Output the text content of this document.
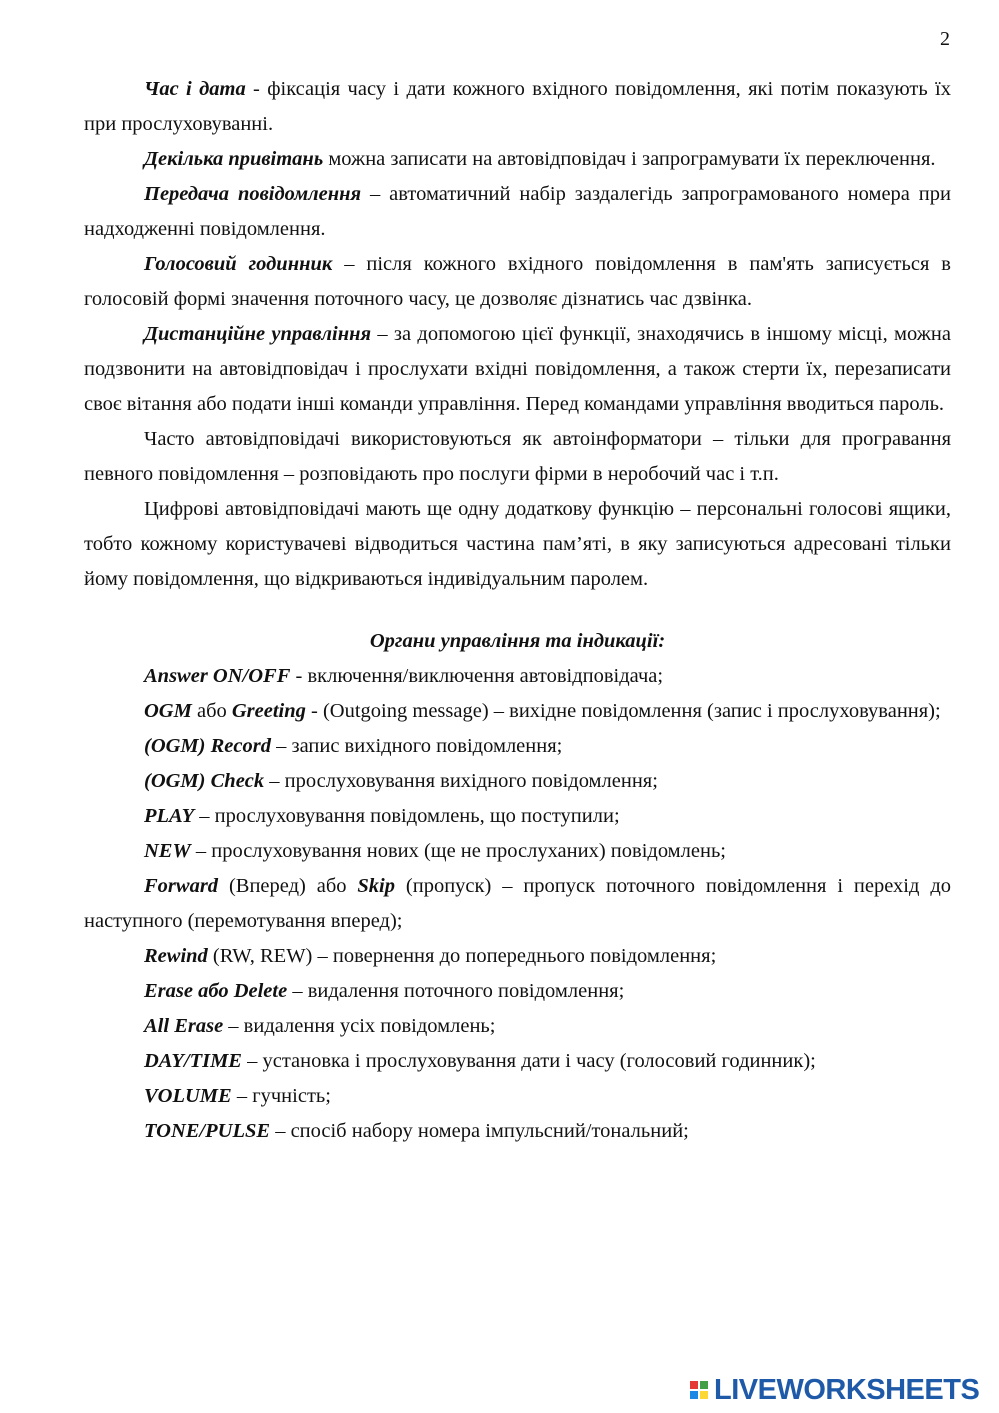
2

Час і дата - фіксація часу і дати кожного вхідного повідомлення, які потім показують їх при прослуховуванні.

Декілька привітань можна записати на автовідповідач і запрограмувати їх переключення.

Передача повідомлення – автоматичний набір заздалегідь запрограмованого номера при надходженні повідомлення.

Голосовий годинник – після кожного вхідного повідомлення в пам'ять записується в голосовій формі значення поточного часу, це дозволяє дізнатись час дзвінка.

Дистанційне управління – за допомогою цієї функції, знаходячись в іншому місці, можна подзвонити на автовідповідач і прослухати вхідні повідомлення, а також стерти їх, перезаписати своє вітання або подати інші команди управління. Перед командами управління вводиться пароль.

Часто автовідповідачі використовуються як автоінформатори – тільки для програвання певного повідомлення – розповідають про послуги фірми в неробочий час і т.п.

Цифрові автовідповідачі мають ще одну додаткову функцію – персональні голосові ящики, тобто кожному користувачеві відводиться частина пам’яті, в яку записуються адресовані тільки йому повідомлення, що відкриваються індивідуальним паролем.

Органи управління та індикації:

Answer ON/OFF - включення/виключення автовідповідача;

OGM або Greeting - (Outgoing message) – вихідне повідомлення (запис і прослуховування);

(OGM) Record – запис вихідного повідомлення;

(OGM) Check – прослуховування вихідного повідомлення;

PLAY – прослуховування повідомлень, що поступили;

NEW – прослуховування нових (ще не прослуханих) повідомлень;

Forward (Вперед) або Skip (пропуск) – пропуск поточного повідомлення і перехід до наступного (перемотування вперед);

Rewind (RW, REW) – повернення до попереднього повідомлення;

Erase або Delete – видалення поточного повідомлення;

All Erase – видалення усіх повідомлень;

DAY/TIME – установка і прослуховування дати і часу (голосовий годинник);

VOLUME – гучність;

TONE/PULSE – спосіб набору номера імпульсний/тональний;

LIVEWORKSHEETS
